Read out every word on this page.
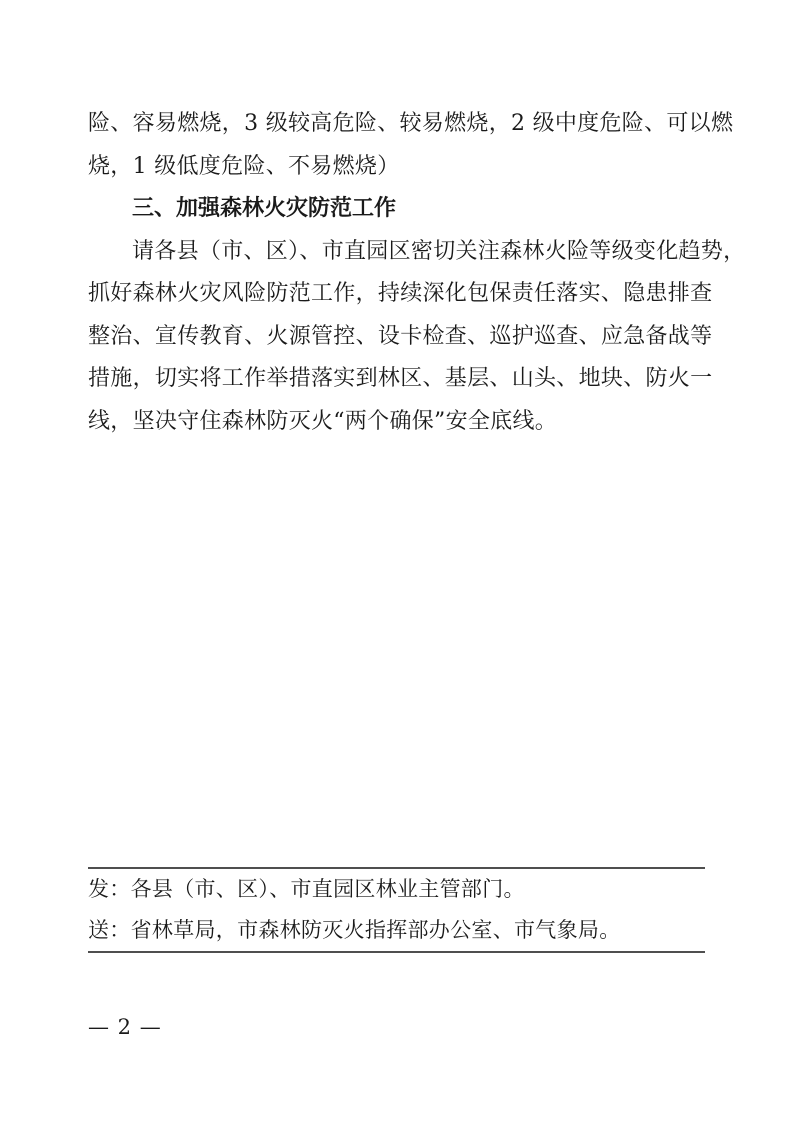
险、容易燃烧，3 级较高危险、较易燃烧，2 级中度危险、可以燃
烧，1 级低度危险、不易燃烧）
三、加强森林火灾防范工作
请各县（市、区）、市直园区密切关注森林火险等级变化趋势，
抓好森林火灾风险防范工作，持续深化包保责任落实、隐患排查
整治、宣传教育、火源管控、设卡检查、巡护巡查、应急备战等
措施，切实将工作举措落实到林区、基层、山头、地块、防火一
线，坚决守住森林防灭火“两个确保”安全底线。
发：各县（市、区）、市直园区林业主管部门。
送：省林草局，市森林防灭火指挥部办公室、市气象局。
— 2 —
